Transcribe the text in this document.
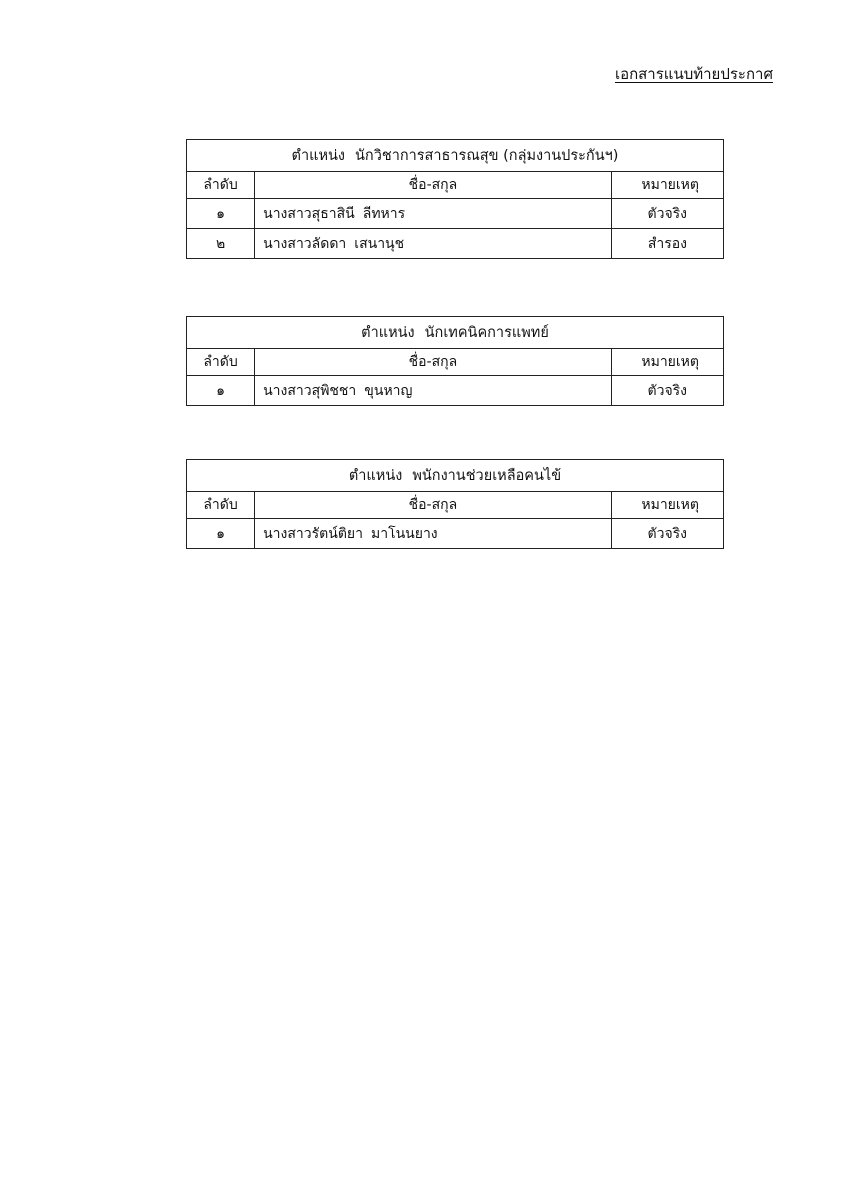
เอกสารแนบท้ายประกาศ
ตำแหน่ง นักวิชาการสาธารณสุข (กลุ่มงานประกันฯ)		
ลำดับ	ชื่อ-สกุล	หมายเหตุ
๑	นางสาวสุธาสินี ลีทหาร	ตัวจริง
๒	นางสาวลัดดา เสนานุช	สำรอง
ตำแหน่ง นักเทคนิคการแพทย์		
ลำดับ	ชื่อ-สกุล	หมายเหตุ
๑	นางสาวสุพิชชา ขุนหาญ	ตัวจริง
ตำแหน่ง พนักงานช่วยเหลือคนไข้		
ลำดับ	ชื่อ-สกุล	หมายเหตุ
๑	นางสาวรัตน์ติยา มาโนนยาง	ตัวจริง
